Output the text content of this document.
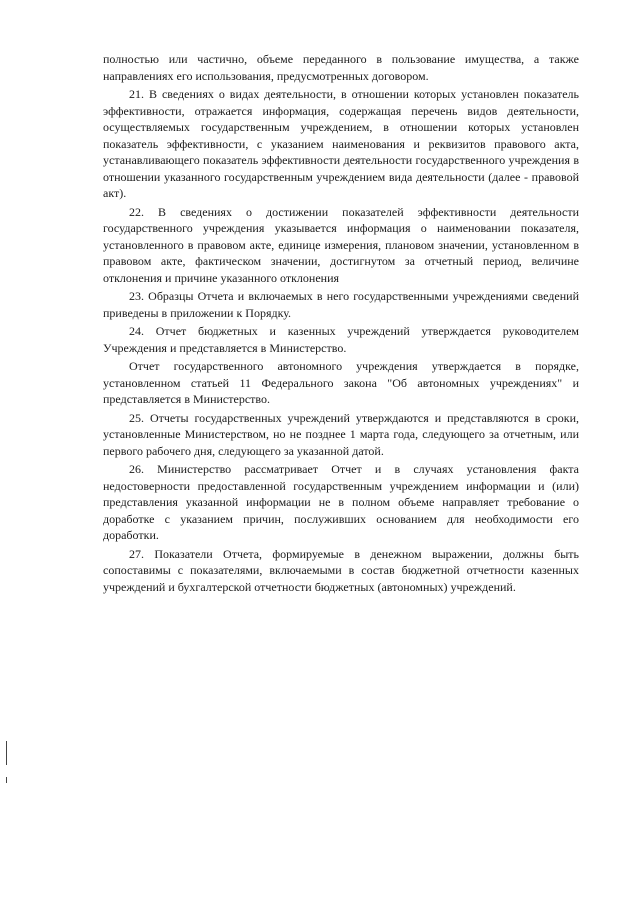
полностью или частично, объеме переданного в пользование имущества, а также направлениях его использования, предусмотренных договором.

21. В сведениях о видах деятельности, в отношении которых установлен показатель эффективности, отражается информация, содержащая перечень видов деятельности, осуществляемых государственным учреждением, в отношении которых установлен показатель эффективности, с указанием наименования и реквизитов правового акта, устанавливающего показатель эффективности деятельности государственного учреждения в отношении указанного государственным учреждением вида деятельности (далее - правовой акт).

22. В сведениях о достижении показателей эффективности деятельности государственного учреждения указывается информация о наименовании показателя, установленного в правовом акте, единице измерения, плановом значении, установленном в правовом акте, фактическом значении, достигнутом за отчетный период, величине отклонения и причине указанного отклонения

23. Образцы Отчета и включаемых в него государственными учреждениями сведений приведены в приложении к Порядку.

24. Отчет бюджетных и казенных учреждений утверждается руководителем Учреждения и представляется в Министерство.

Отчет государственного автономного учреждения утверждается в порядке, установленном статьей 11 Федерального закона "Об автономных учреждениях" и представляется в Министерство.

25. Отчеты государственных учреждений утверждаются и представляются в сроки, установленные Министерством, но не позднее 1 марта года, следующего за отчетным, или первого рабочего дня, следующего за указанной датой.

26. Министерство рассматривает Отчет и в случаях установления факта недостоверности предоставленной государственным учреждением информации и (или) представления указанной информации не в полном объеме направляет требование о доработке с указанием причин, послуживших основанием для необходимости его доработки.

27. Показатели Отчета, формируемые в денежном выражении, должны быть сопоставимы с показателями, включаемыми в состав бюджетной отчетности казенных учреждений и бухгалтерской отчетности бюджетных (автономных) учреждений.
